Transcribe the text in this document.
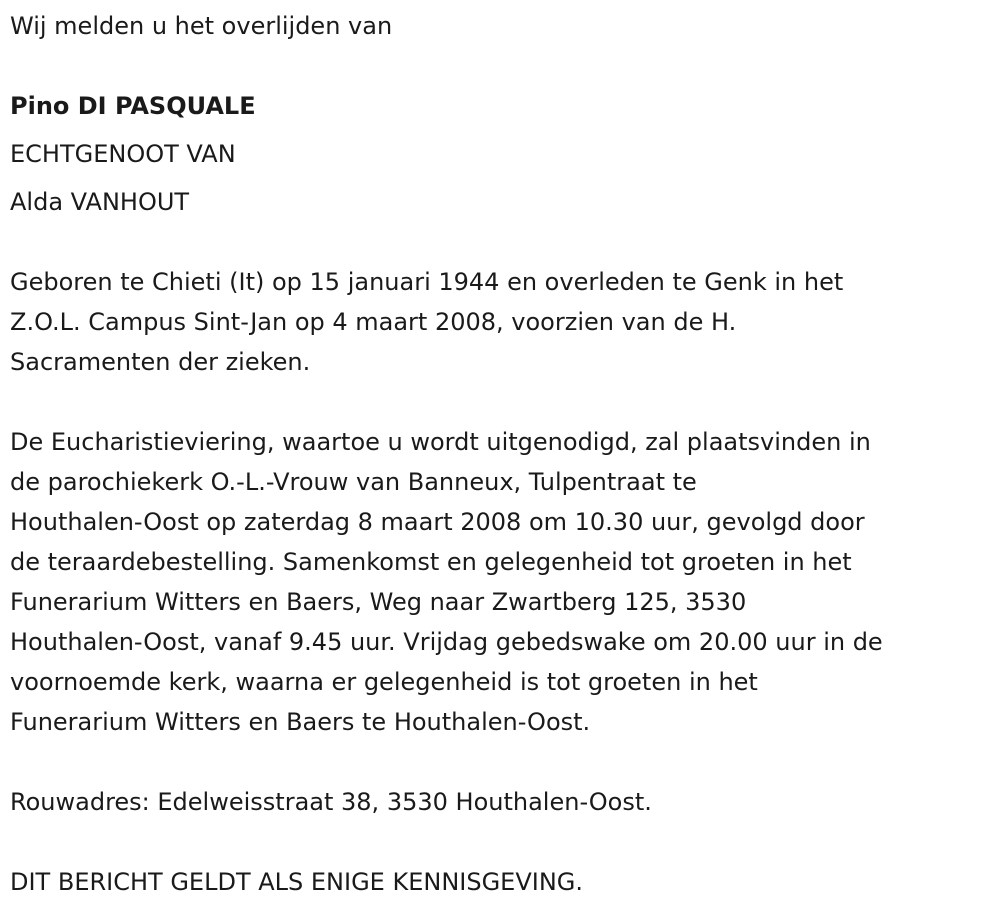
Wij melden u het overlijden van

Pino DI PASQUALE

ECHTGENOOT VAN

Alda VANHOUT

Geboren te Chieti (It) op 15 januari 1944 en overleden te Genk in het
Z.O.L. Campus Sint-Jan op 4 maart 2008, voorzien van de H.
Sacramenten der zieken.

De Eucharistieviering, waartoe u wordt uitgenodigd, zal plaatsvinden in
de parochiekerk O.-L.-Vrouw van Banneux, Tulpentraat te
Houthalen-Oost op zaterdag 8 maart 2008 om 10.30 uur, gevolgd door
de teraardebestelling. Samenkomst en gelegenheid tot groeten in het
Funerarium Witters en Baers, Weg naar Zwartberg 125, 3530
Houthalen-Oost, vanaf 9.45 uur. Vrijdag gebedswake om 20.00 uur in de
voornoemde kerk, waarna er gelegenheid is tot groeten in het
Funerarium Witters en Baers te Houthalen-Oost.

Rouwadres: Edelweisstraat 38, 3530 Houthalen-Oost.

DIT BERICHT GELDT ALS ENIGE KENNISGEVING.
